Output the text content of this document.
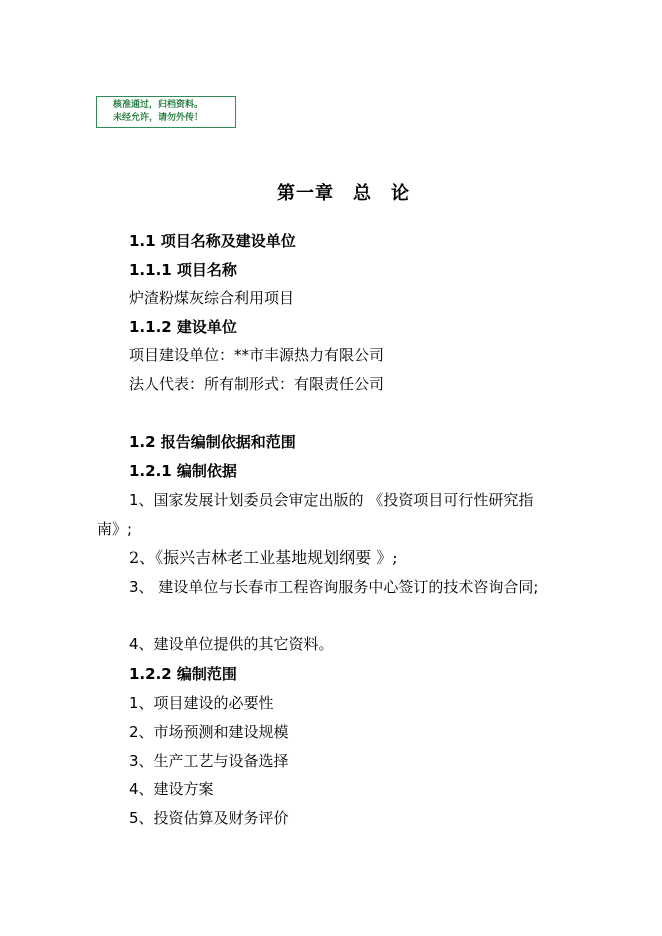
核准通过，归档资料。
未经允许，请勿外传！
第一章　总　论
1.1 项目名称及建设单位
1.1.1 项目名称
炉渣粉煤灰综合利用项目
1.1.2 建设单位
项目建设单位：**市丰源热力有限公司
法人代表：所有制形式：有限责任公司
1.2 报告编制依据和范围
1.2.1 编制依据
1、国家发展计划委员会审定出版的 《投资项目可行性研究指
南》;
2、《振兴吉林老工业基地规划纲要 》;
3、 建设单位与长春市工程咨询服务中心签订的技术咨询合同;
4、建设单位提供的其它资料。
1.2.2 编制范围
1、项目建设的必要性
2、市场预测和建设规模
3、生产工艺与设备选择
4、建设方案
5、投资估算及财务评价
